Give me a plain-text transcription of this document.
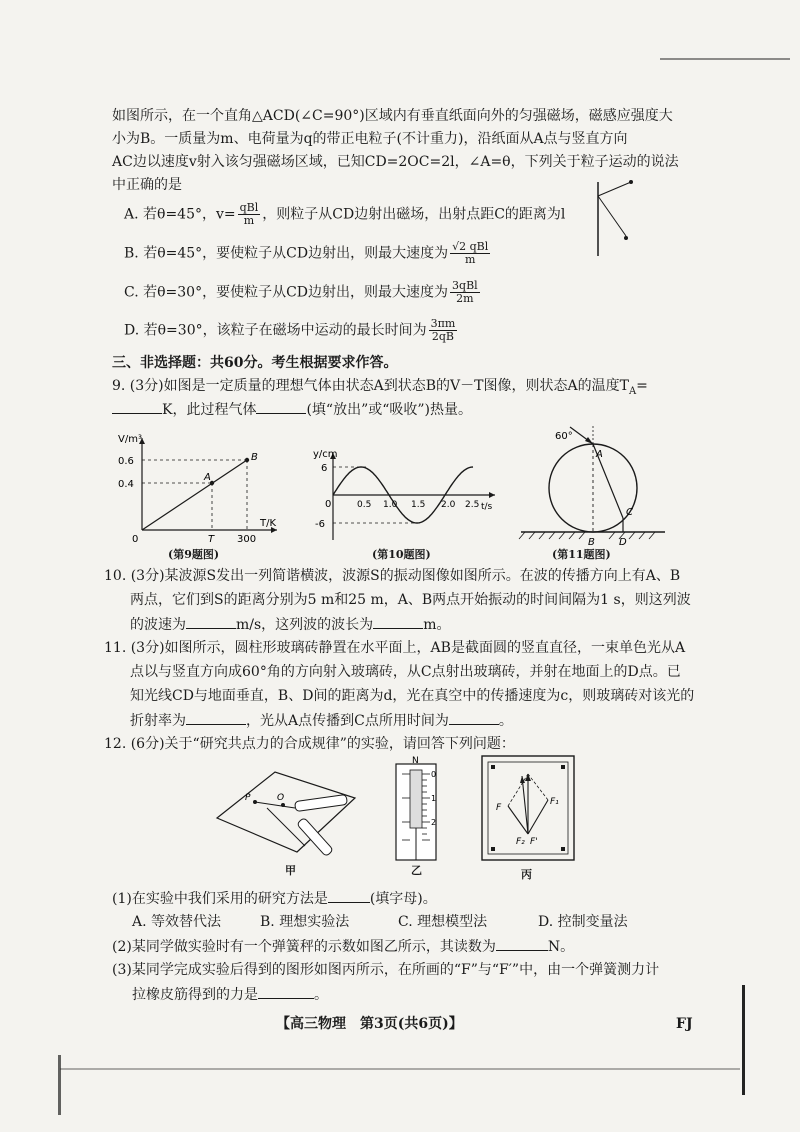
如图所示，在一个直角△ACD(∠C=90°)区域内有垂直纸面向外的匀强磁场，磁感应强度大
小为B。一质量为m、电荷量为q的带正电粒子(不计重力)，沿纸面从A点与竖直方向
AC边以速度v射入该匀强磁场区域，已知CD=2OC=2l，∠A=θ，下列关于粒子运动的说法
中正确的是
A. 若θ=45°，$v= \frac{\text{qBl}}{m}$ ，则粒子从CD边射出磁场，出射点距C的距离为l
B. 若θ=45°，要使粒子从CD边射出，则最大速度为 $\frac{\text{√2 qBl}}{m}$
C. 若θ=30°，要使粒子从CD边射出，则最大速度为 $\frac{\text{3qBl}}{2m}$
D. 若θ=30°，该粒子在磁场中运动的最长时间为 $\frac{3\pi m}{2qB}$
三、非选择题：共60分。考生根据要求作答。
9. (3分)如图是一定质量的理想气体由状态A到状态B的V－T图像，则状态A的温度$T_A=$
K，此过程气体	(填“放出”或“吸收”)热量。
V/m³
T/K
0.6
0.4
0	T 300
A
B
(第9题图)
y/cm
t/s
6
-6
0	0.5 1.0 1.5 2.0 2.5
(第10题图)
60°
A
B
C
D
(第11题图)
10. (3分)某波源S发出一列简谐横波，波源S的振动图像如图所示。在波的传播方向上有A、B
两点，它们到S的距离分别为5 m和25 m，A、B两点开始振动的时间间隔为1 s，则这列波
的波速为	m/s，这列波的波长为	m。
11. (3分)如图所示，圆柱形玻璃砖静置在水平面上，AB是截面圆的竖直直径，一束单色光从A
点以与竖直方向成60°角的方向射入玻璃砖，从C点射出玻璃砖，并射在地面上的D点。已
知光线CD与地面垂直，B、D间的距离为d，光在真空中的传播速度为c，则玻璃砖对该光的
折射率为	，光从A点传播到C点所用时间为	。
12. (6分)关于“研究共点力的合成规律”的实验，请回答下列问题：
P	O
甲
N
0
1
2
乙
F
F₁
F₂ F'
丙
(1)在实验中我们采用的研究方法是	(填字母)。
A. 等效替代法	B. 理想实验法	C. 理想模型法	D. 控制变量法
(2)某同学做实验时有一个弹簧秤的示数如图乙所示，其读数为	N。
(3)某同学完成实验后得到的图形如图丙所示，在所画的“F”与“F′”中，由一个弹簧测力计
拉橡皮筋得到的力是	。
【高三物理　第3页(共6页)】	FJ
